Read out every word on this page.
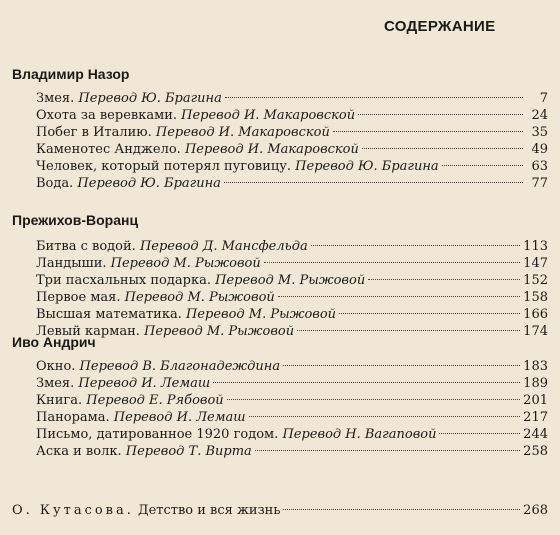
СОДЕРЖАНИЕ
Владимир Назор
Змея. Перевод Ю. Брагина	7
Охота за веревками. Перевод И. Макаровской	24
Побег в Италию. Перевод И. Макаровской	35
Каменотес Анджело. Перевод И. Макаровской	49
Человек, который потерял пуговицу. Перевод Ю. Брагина	63
Вода. Перевод Ю. Брагина	77
Прежихов-Воранц
Битва с водой. Перевод Д. Мансфельда	113
Ландыши. Перевод М. Рыжовой	147
Три пасхальных подарка. Перевод М. Рыжовой	152
Первое мая. Перевод М. Рыжовой	158
Высшая математика. Перевод М. Рыжовой	166
Левый карман. Перевод М. Рыжовой	174
Иво Андрич
Окно. Перевод В. Благонадеждина	183
Змея. Перевод И. Лемаш	189
Книга. Перевод Е. Рябовой	201
Панорама. Перевод И. Лемаш	217
Письмо, датированное 1920 годом. Перевод Н. Вагаповой	244
Аска и волк. Перевод Т. Вирта	258
О. Кутасова. Детство и вся жизнь	268
